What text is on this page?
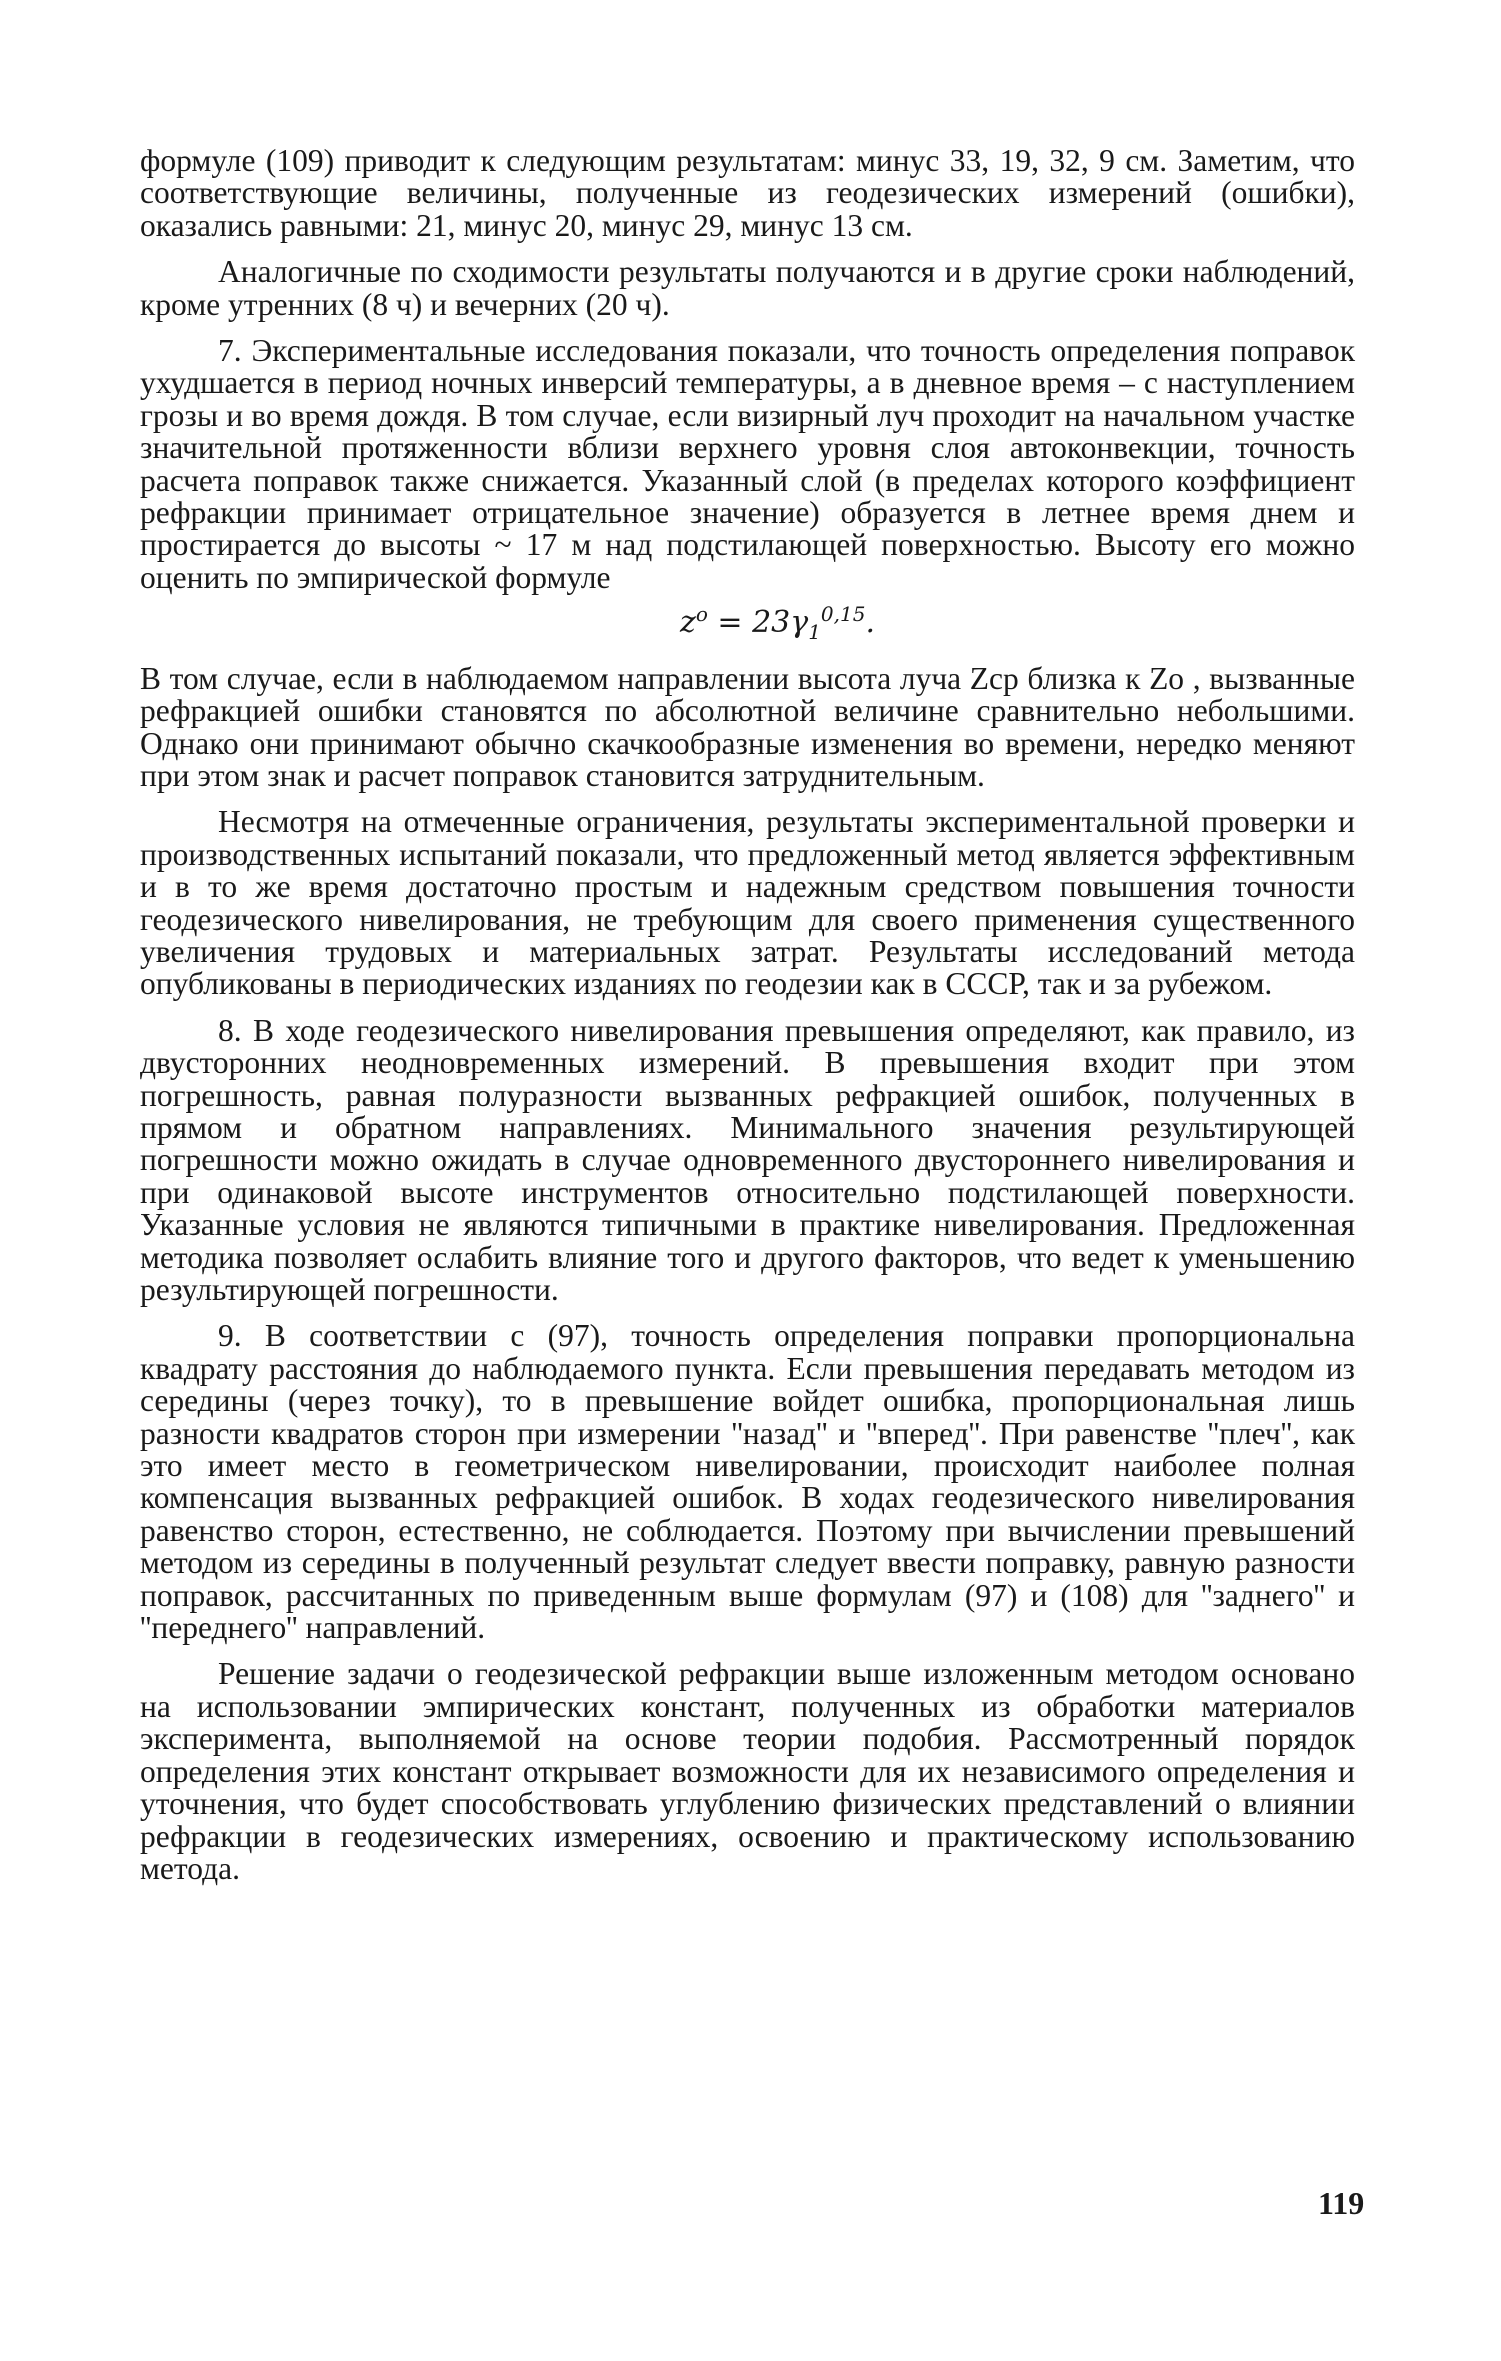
формуле (109) приводит к следующим результатам: минус 33, 19, 32, 9 см. Заметим, что соответствующие величины, полученные из геодезических измерений (ошибки), оказались равными: 21, минус 20, минус 29, минус 13 см.

Аналогичные по сходимости результаты получаются и в другие сроки наблюдений, кроме утренних (8 ч) и вечерних (20 ч).

7. Экспериментальные исследования показали, что точность определения поправок ухудшается в период ночных инверсий температуры, а в дневное время – с наступлением грозы и во время дождя. В том случае, если визирный луч проходит на начальном участке значительной протяженности вблизи верхнего уровня слоя автоконвекции, точность расчета поправок также снижается. Указанный слой (в пределах которого коэффициент рефракции принимает отрицательное значение) образуется в летнее время днем и простирается до высоты ~ 17 м над подстилающей поверхностью. Высоту его можно оценить по эмпирической формуле

$z^o = 23\gamma_1^{0,15}$.

В том случае, если в наблюдаемом направлении высота луча Zср близка к Zo , вызванные рефракцией ошибки становятся по абсолютной величине сравнительно небольшими. Однако они принимают обычно скачкообразные изменения во времени, нередко меняют при этом знак и расчет поправок становится затруднительным.

Несмотря на отмеченные ограничения, результаты экспериментальной проверки и производственных испытаний показали, что предложенный метод является эффективным и в то же время достаточно простым и надежным средством повышения точности геодезического нивелирования, не требующим для своего применения существенного увеличения трудовых и материальных затрат. Результаты исследований метода опубликованы в периодических изданиях по геодезии как в СССР, так и за рубежом.

8. В ходе геодезического нивелирования превышения определяют, как правило, из двусторонних неодновременных измерений. В превышения входит при этом погрешность, равная полуразности вызванных рефракцией ошибок, полученных в прямом и обратном направлениях. Минимального значения результирующей погрешности можно ожидать в случае одновременного двустороннего нивелирования и при одинаковой высоте инструментов относительно подстилающей поверхности. Указанные условия не являются типичными в практике нивелирования. Предложенная методика позволяет ослабить влияние того и другого факторов, что ведет к уменьшению результирующей погрешности.

9. В соответствии с (97), точность определения поправки пропорциональна квадрату расстояния до наблюдаемого пункта. Если превышения передавать методом из середины (через точку), то в превышение войдет ошибка, пропорциональная лишь разности квадратов сторон при измерении ''назад'' и ''вперед''. При равенстве ''плеч'', как это имеет место в геометрическом нивелировании, происходит наиболее полная компенсация вызванных рефракцией ошибок. В ходах геодезического нивелирования равенство сторон, естественно, не соблюдается. Поэтому при вычислении превышений методом из середины в полученный результат следует ввести поправку, равную разности поправок, рассчитанных по приведенным выше формулам (97) и (108) для ''заднего'' и ''переднего'' направлений.

Решение задачи о геодезической рефракции выше изложенным методом основано на использовании эмпирических констант, полученных из обработки материалов эксперимента, выполняемой на основе теории подобия. Рассмотренный порядок определения этих констант открывает возможности для их независимого определения и уточнения, что будет способствовать углублению физических представлений о влиянии рефракции в геодезических измерениях, освоению и практическому использованию метода.

119
